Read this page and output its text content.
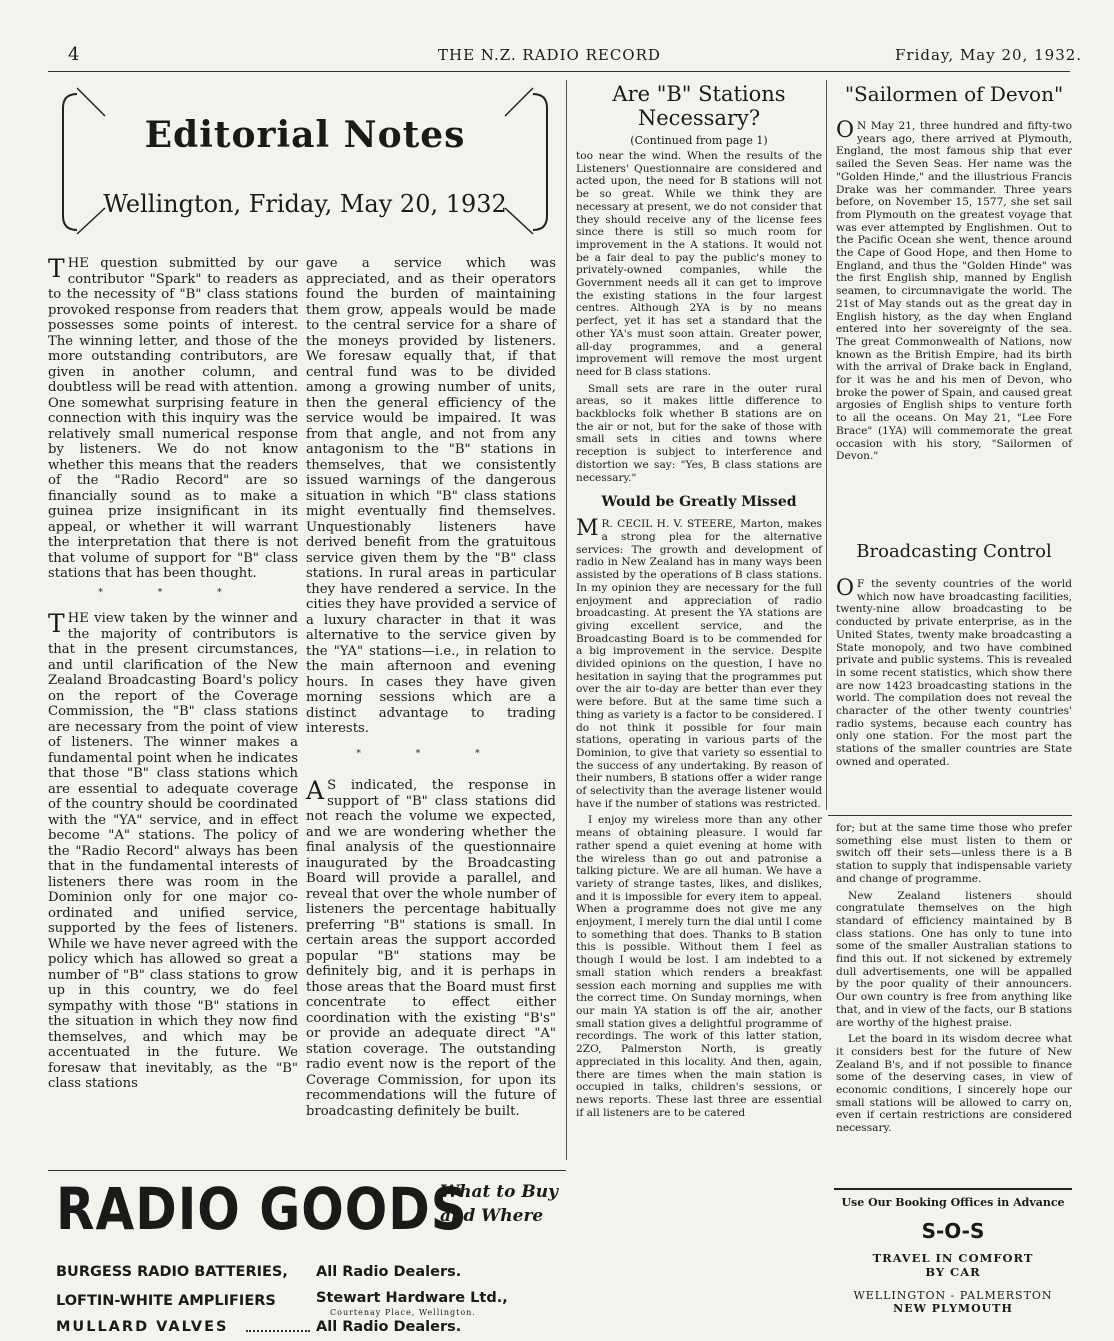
4	THE N.Z. RADIO RECORD	Friday, May 20, 1932.
Editorial Notes
Wellington, Friday, May 20, 1932

THE question submitted by our contributor "Spark" to readers as to the necessity of "B" class stations provoked response from readers that possesses some points of interest. The winning letter, and those of the more outstanding contributors, are given in another column, and doubtless will be read with attention. One somewhat surprising feature in connection with this inquiry was the relatively small numerical response by listeners. We do not know whether this means that the readers of the "Radio Record" are so financially sound as to make a guinea prize insignificant in its appeal, or whether it will warrant the interpretation that there is not that volume of support for "B" class stations that has been thought.

* * *

THE view taken by the winner and the majority of contributors is that in the present circumstances, and until clarification of the New Zealand Broadcasting Board's policy on the report of the Coverage Commission, the "B" class stations are necessary from the point of view of listeners. The winner makes a fundamental point when he indicates that those "B" class stations which are essential to adequate coverage of the country should be coordinated with the "YA" service, and in effect become "A" stations. The policy of the "Radio Record" always has been that in the fundamental interests of listeners there was room in the Dominion only for one major co-ordinated and unified service, supported by the fees of listeners. While we have never agreed with the policy which has allowed so great a number of "B" class stations to grow up in this country, we do feel sympathy with those "B" stations in the situation in which they now find themselves, and which may be accentuated in the future. We foresaw that inevitably, as the "B" class stations

gave a service which was appreciated, and as their operators found the burden of maintaining them grow, appeals would be made to the central service for a share of the moneys provided by listeners. We foresaw equally that, if that central fund was to be divided among a growing number of units, then the general efficiency of the service would be impaired. It was from that angle, and not from any antagonism to the "B" stations in themselves, that we consistently issued warnings of the dangerous situation in which "B" class stations might eventually find themselves. Unquestionably listeners have derived benefit from the gratuitous service given them by the "B" class stations. In rural areas in particular they have rendered a service. In the cities they have provided a service of a luxury character in that it was alternative to the service given by the "YA" stations—i.e., in relation to the main afternoon and evening hours. In cases they have given morning sessions which are a distinct advantage to trading interests.

* * *

A S indicated, the response in support of "B" class stations did not reach the volume we expected, and we are wondering whether the final analysis of the questionnaire inaugurated by the Broadcasting Board will provide a parallel, and reveal that over the whole number of listeners the percentage habitually preferring "B" stations is small. In certain areas the support accorded popular "B" stations may be definitely big, and it is perhaps in those areas that the Board must first concentrate to effect either coordination with the existing "B's" or provide an adequate direct "A" station coverage. The outstanding radio event now is the report of the Coverage Commission, for upon its recommendations will the future of broadcasting definitely be built.

Are "B" Stations Necessary?
(Continued from page 1)

too near the wind. When the results of the Listeners' Questionnaire are considered and acted upon, the need for B stations will not be so great. While we think they are necessary at present, we do not consider that they should receive any of the license fees since there is still so much room for improvement in the A stations. It would not be a fair deal to pay the public's money to privately-owned companies, while the Government needs all it can get to improve the existing stations in the four largest centres. Although 2YA is by no means perfect, yet it has set a standard that the other YA's must soon attain. Greater power, all-day programmes, and a general improvement will remove the most urgent need for B class stations.

Small sets are rare in the outer rural areas, so it makes little difference to backblocks folk whether B stations are on the air or not, but for the sake of those with small sets in cities and towns where reception is subject to interference and distortion we say: "Yes, B class stations are necessary."

Would be Greatly Missed

M R. CECIL H. V. STEERE, Marton, makes a strong plea for the alternative services: The growth and development of radio in New Zealand has in many ways been assisted by the operations of B class stations. In my opinion they are necessary for the full enjoyment and appreciation of radio broadcasting. At present the YA stations are giving excellent service, and the Broadcasting Board is to be commended for a big improvement in the service. Despite divided opinions on the question, I have no hesitation in saying that the programmes put over the air to-day are better than ever they were before. But at the same time such a thing as variety is a factor to be considered. I do not think it possible for four main stations, operating in various parts of the Dominion, to give that variety so essential to the success of any undertaking. By reason of their numbers, B stations offer a wider range of selectivity than the average listener would have if the number of stations was restricted.

I enjoy my wireless more than any other means of obtaining pleasure. I would far rather spend a quiet evening at home with the wireless than go out and patronise a talking picture. We are all human. We have a variety of strange tastes, likes, and dislikes, and it is impossible for every item to appeal. When a programme does not give me any enjoyment, I merely turn the dial until I come to something that does. Thanks to B station this is possible. Without them I feel as though I would be lost. I am indebted to a small station which renders a breakfast session each morning and supplies me with the correct time. On Sunday mornings, when our main YA station is off the air, another small station gives a delightful programme of recordings. The work of this latter station, 2ZO, Palmerston North, is greatly appreciated in this locality. And then, again, there are times when the main station is occupied in talks, children's sessions, or news reports. These last three are essential if all listeners are to be catered

"Sailormen of Devon"

O N May 21, three hundred and fifty-two years ago, there arrived at Plymouth, England, the most famous ship that ever sailed the Seven Seas. Her name was the "Golden Hinde," and the illustrious Francis Drake was her commander. Three years before, on November 15, 1577, she set sail from Plymouth on the greatest voyage that was ever attempted by Englishmen. Out to the Pacific Ocean she went, thence around the Cape of Good Hope, and then Home to England, and thus the "Golden Hinde" was the first English ship, manned by English seamen, to circumnavigate the world. The 21st of May stands out as the great day in English history, as the day when England entered into her sovereignty of the sea. The great Commonwealth of Nations, now known as the British Empire, had its birth with the arrival of Drake back in England, for it was he and his men of Devon, who broke the power of Spain, and caused great argosies of English ships to venture forth to all the oceans. On May 21, "Lee Fore Brace" (1YA) will commemorate the great occasion with his story, "Sailormen of Devon."

Broadcasting Control

O F the seventy countries of the world which now have broadcasting facilities, twenty-nine allow broadcasting to be conducted by private enterprise, as in the United States, twenty make broadcasting a State monopoly, and two have combined private and public systems. This is revealed in some recent statistics, which show there are now 1423 broadcasting stations in the world. The compilation does not reveal the character of the other twenty countries' radio systems, because each country has only one station. For the most part the stations of the smaller countries are State owned and operated.

for; but at the same time those who prefer something else must listen to them or switch off their sets—unless there is a B station to supply that indispensable variety and change of programme.

New Zealand listeners should congratulate themselves on the high standard of efficiency maintained by B class stations. One has only to tune into some of the smaller Australian stations to find this out. If not sickened by extremely dull advertisements, one will be appalled by the poor quality of their announcers. Our own country is free from anything like that, and in view of the facts, our B stations are worthy of the highest praise.

Let the board in its wisdom decree what it considers best for the future of New Zealand B's, and if not possible to finance some of the deserving cases, in view of economic conditions, I sincerely hope our small stations will be allowed to carry on, even if certain restrictions are considered necessary.

Use Our Booking Offices in Advance
S-O-S
TRAVEL IN COMFORT BY CAR
WELLINGTON - PALMERSTON
NEW PLYMOUTH
RADIO GOODS
What to Buy
and Where
BURGESS RADIO BATTERIES, All Radio Dealers.
LOFTIN-WHITE AMPLIFIERS	Stewart Hardware Ltd.,
Courtenay Place, Wellington.
MULLARD VALVES	All Radio Dealers.
